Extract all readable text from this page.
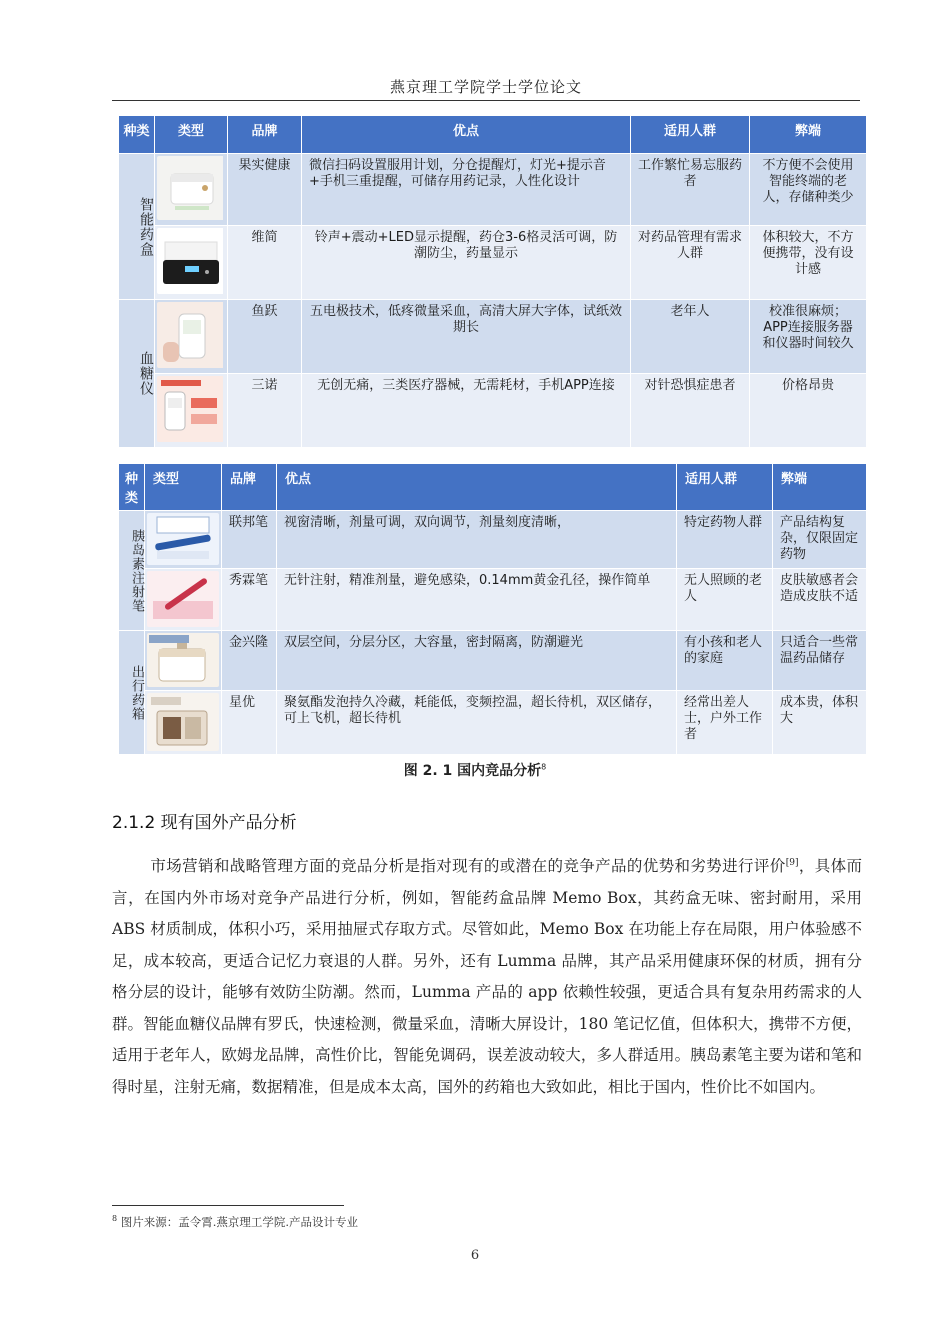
燕京理工学院学士学位论文
种类	类型	品牌	优点	适用人群	弊端
智能药盒		果实健康	微信扫码设置服用计划，分仓提醒灯，灯光+提示音+手机三重提醒，可储存用药记录，人性化设计	工作繁忙易忘服药者	不方便不会使用智能终端的老人，存储种类少

	维简	铃声+震动+LED显示提醒，药仓3-6格灵活可调，防潮防尘，药量显示	对药品管理有需求人群	体积较大，不方便携带，没有设计感
血糖仪		鱼跃	五电极技术，低疼微量采血，高清大屏大字体，试纸效期长	老年人	校准很麻烦；APP连接服务器和仪器时间较久

	三诺	无创无痛，三类医疗器械，无需耗材，手机APP连接	对针恐惧症患者	价格昂贵
种类	类型	品牌	优点	适用人群	弊端
胰岛素注射笔		联邦笔	视窗清晰，剂量可调，双向调节，剂量刻度清晰，	特定药物人群	产品结构复杂，仅限固定药物

	秀霖笔	无针注射，精准剂量，避免感染，0.14mm黄金孔径，操作简单	无人照顾的老人	皮肤敏感者会造成皮肤不适
出行药箱		金兴隆	双层空间，分层分区，大容量，密封隔离，防潮避光	有小孩和老人的家庭	只适合一些常温药品储存

	星优	聚氨酯发泡持久冷藏，耗能低，变频控温，超长待机，双区储存，可上飞机，超长待机	经常出差人士，户外工作者	成本贵，体积大
图 2. 1 国内竞品分析$^8$
2.1.2 现有国外产品分析
市场营销和战略管理方面的竞品分析是指对现有的或潜在的竞争产品的优势和劣势进行评价[9]，具体而言，在国内外市场对竞争产品进行分析，例如，智能药盒品牌 Memo Box，其药盒无味、密封耐用，采用 ABS 材质制成，体积小巧，采用抽屉式存取方式。尽管如此，Memo Box 在功能上存在局限，用户体验感不足，成本较高，更适合记忆力衰退的人群。另外，还有 Lumma 品牌，其产品采用健康环保的材质，拥有分格分层的设计，能够有效防尘防潮。然而，Lumma 产品的 app 依赖性较强，更适合具有复杂用药需求的人群。智能血糖仪品牌有罗氏，快速检测，微量采血，清晰大屏设计，180 笔记忆值，但体积大，携带不方便，适用于老年人，欧姆龙品牌，高性价比，智能免调码，误差波动较大，多人群适用。胰岛素笔主要为诺和笔和得时星，注射无痛，数据精准，但是成本太高，国外的药箱也大致如此，相比于国内，性价比不如国内。
$^8$ 图片来源：孟令霄.燕京理工学院.产品设计专业
6
